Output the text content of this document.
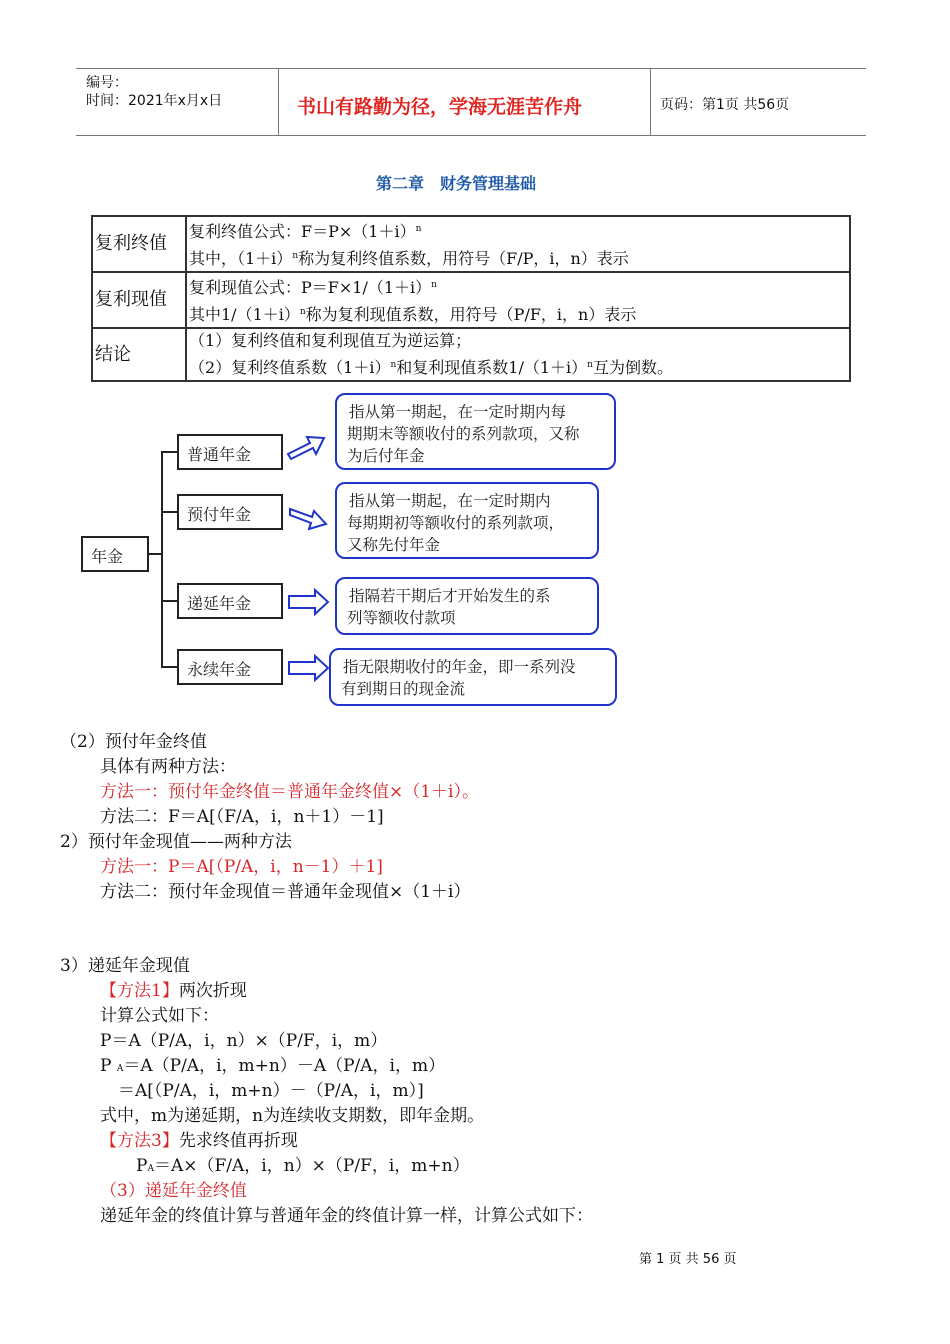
编号：
时间：2021年x月x日	书山有路勤为径，学海无涯苦作舟	页码：第1页 共56页
第二章　财务管理基础
复利终值	复利终值公式：$F=P\times(1+i)^n$
其中，$(1+i)^n$称为复利终值系数，用符号（F/P，i，n）表示

复利现值	复利现值公式：$P=F\times 1/(1+i)^n$
其中$1/(1+i)^n$称为复利现值系数，用符号（P/F，i，n）表示

结论	（1）复利终值和复利现值互为逆运算；
（2）复利终值系数$(1+i)^n$和复利现值系数$1/(1+i)^n$互为倒数。
年金
普通年金
预付年金
递延年金
永续年金
指从第一期起，在一定时期内每
期期末等额收付的系列款项，又称
为后付年金
指从第一期起，在一定时期内
每期期初等额收付的系列款项，
又称先付年金
指隔若干期后才开始发生的系
列等额收付款项
指无限期收付的年金，即一系列没
有到期日的现金流
（2）预付年金终值
具体有两种方法：
方法一：预付年金终值＝普通年金终值×（1＋i）。
方法二：F＝A[（F/A，i，n＋1）－1]
2）预付年金现值——两种方法
方法一：P＝A[（P/A，i，n－1）＋1]
方法二：预付年金现值＝普通年金现值×（1＋i）
3）递延年金现值
【方法1】两次折现
计算公式如下：
P＝A（P/A，i，n）×（P/F，i，m）
P A＝A（P/A，i，m+n）－A（P/A，i，m）
＝A[（P/A，i，m+n）－（P/A，i，m）]
式中，m为递延期，n为连续收支期数，即年金期。
【方法3】先求终值再折现
PA＝A×（F/A，i，n）×（P/F，i，m+n）
（3）递延年金终值
递延年金的终值计算与普通年金的终值计算一样，计算公式如下：
第 1 页 共 56 页
